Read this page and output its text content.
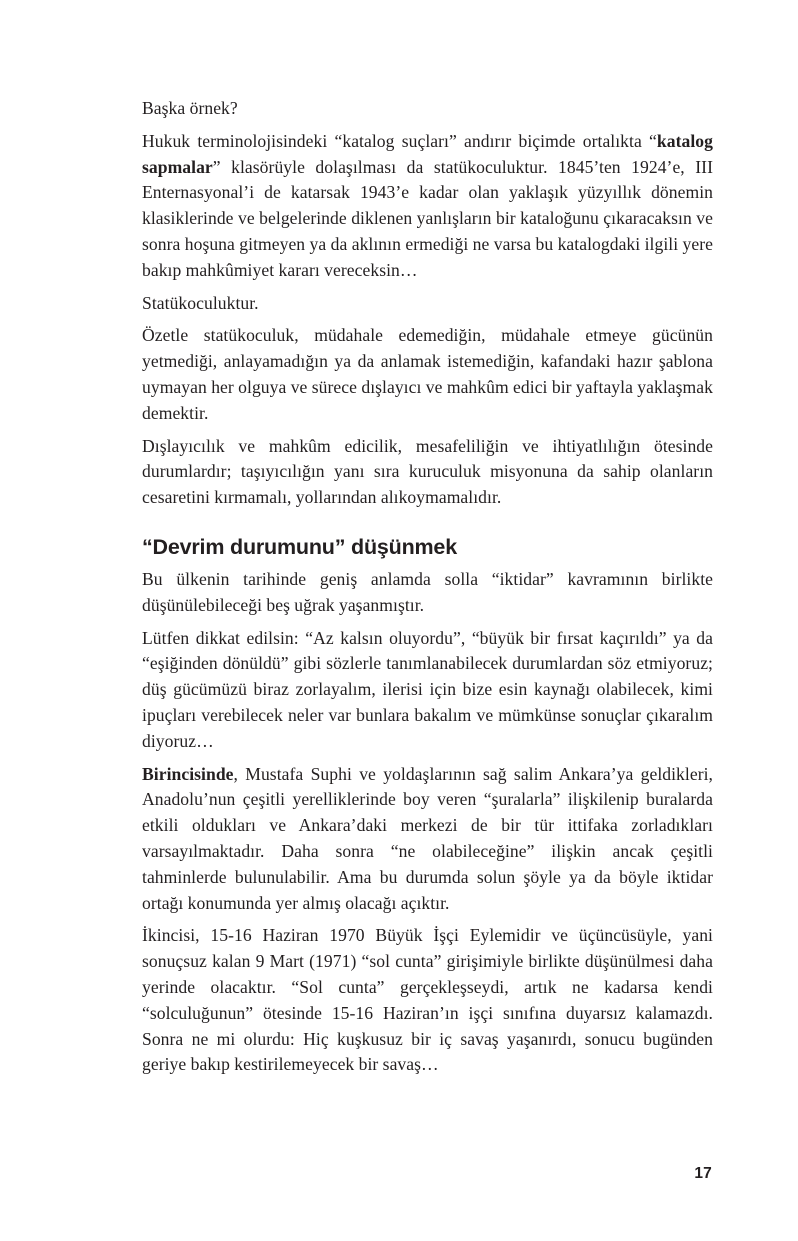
Başka örnek?

Hukuk terminolojisindeki “katalog suçları” andırır biçimde ortalıkta “katalog sapmalar” klasörüyle dolaşılması da statükoculuktur. 1845’ten 1924’e, III Enternasyonal’i de katarsak 1943’e kadar olan yaklaşık yüzyıllık dönemin klasiklerinde ve belgelerinde diklenen yanlışların bir kataloğunu çıkaracaksın ve sonra hoşuna gitmeyen ya da aklının ermediği ne varsa bu katalogdaki ilgili yere bakıp mahkûmiyet kararı vereceksin…

Statükoculuktur.

Özetle statükoculuk, müdahale edemediğin, müdahale etmeye gücünün yetmediği, anlayamadığın ya da anlamak istemediğin, kafandaki hazır şablona uymayan her olguya ve sürece dışlayıcı ve mahkûm edici bir yaftayla yaklaşmak demektir.

Dışlayıcılık ve mahkûm edicilik, mesafeliliğin ve ihtiyatlılığın ötesinde durumlardır; taşıyıcılığın yanı sıra kuruculuk misyonuna da sahip olanların cesaretini kırmamalı, yollarından alıkoymamalıdır.

“Devrim durumunu” düşünmek

Bu ülkenin tarihinde geniş anlamda solla “iktidar” kavramının birlikte düşünülebileceği beş uğrak yaşanmıştır.

Lütfen dikkat edilsin: “Az kalsın oluyordu”, “büyük bir fırsat kaçırıldı” ya da “eşiğinden dönüldü” gibi sözlerle tanımlanabilecek durumlardan söz etmiyoruz; düş gücümüzü biraz zorlayalım, ilerisi için bize esin kaynağı olabilecek, kimi ipuçları verebilecek neler var bunlara bakalım ve mümkünse sonuçlar çıkaralım diyoruz…

Birincisinde, Mustafa Suphi ve yoldaşlarının sağ salim Ankara’ya geldikleri, Anadolu’nun çeşitli yerelliklerinde boy veren “şuralarla” ilişkilenip buralarda etkili oldukları ve Ankara’daki merkezi de bir tür ittifaka zorladıkları varsayılmaktadır. Daha sonra “ne olabileceğine” ilişkin ancak çeşitli tahminlerde bulunulabilir. Ama bu durumda solun şöyle ya da böyle iktidar ortağı konumunda yer almış olacağı açıktır.

İkincisi, 15-16 Haziran 1970 Büyük İşçi Eylemidir ve üçüncüsüyle, yani sonuçsuz kalan 9 Mart (1971) “sol cunta” girişimiyle birlikte düşünülmesi daha yerinde olacaktır. “Sol cunta” gerçekleşseydi, artık ne kadarsa kendi “solculuğunun” ötesinde 15-16 Haziran’ın işçi sınıfına duyarsız kalamazdı. Sonra ne mi olurdu: Hiç kuşkusuz bir iç savaş yaşanırdı, sonucu bugünden geriye bakıp kestirilemeyecek bir savaş…

17
